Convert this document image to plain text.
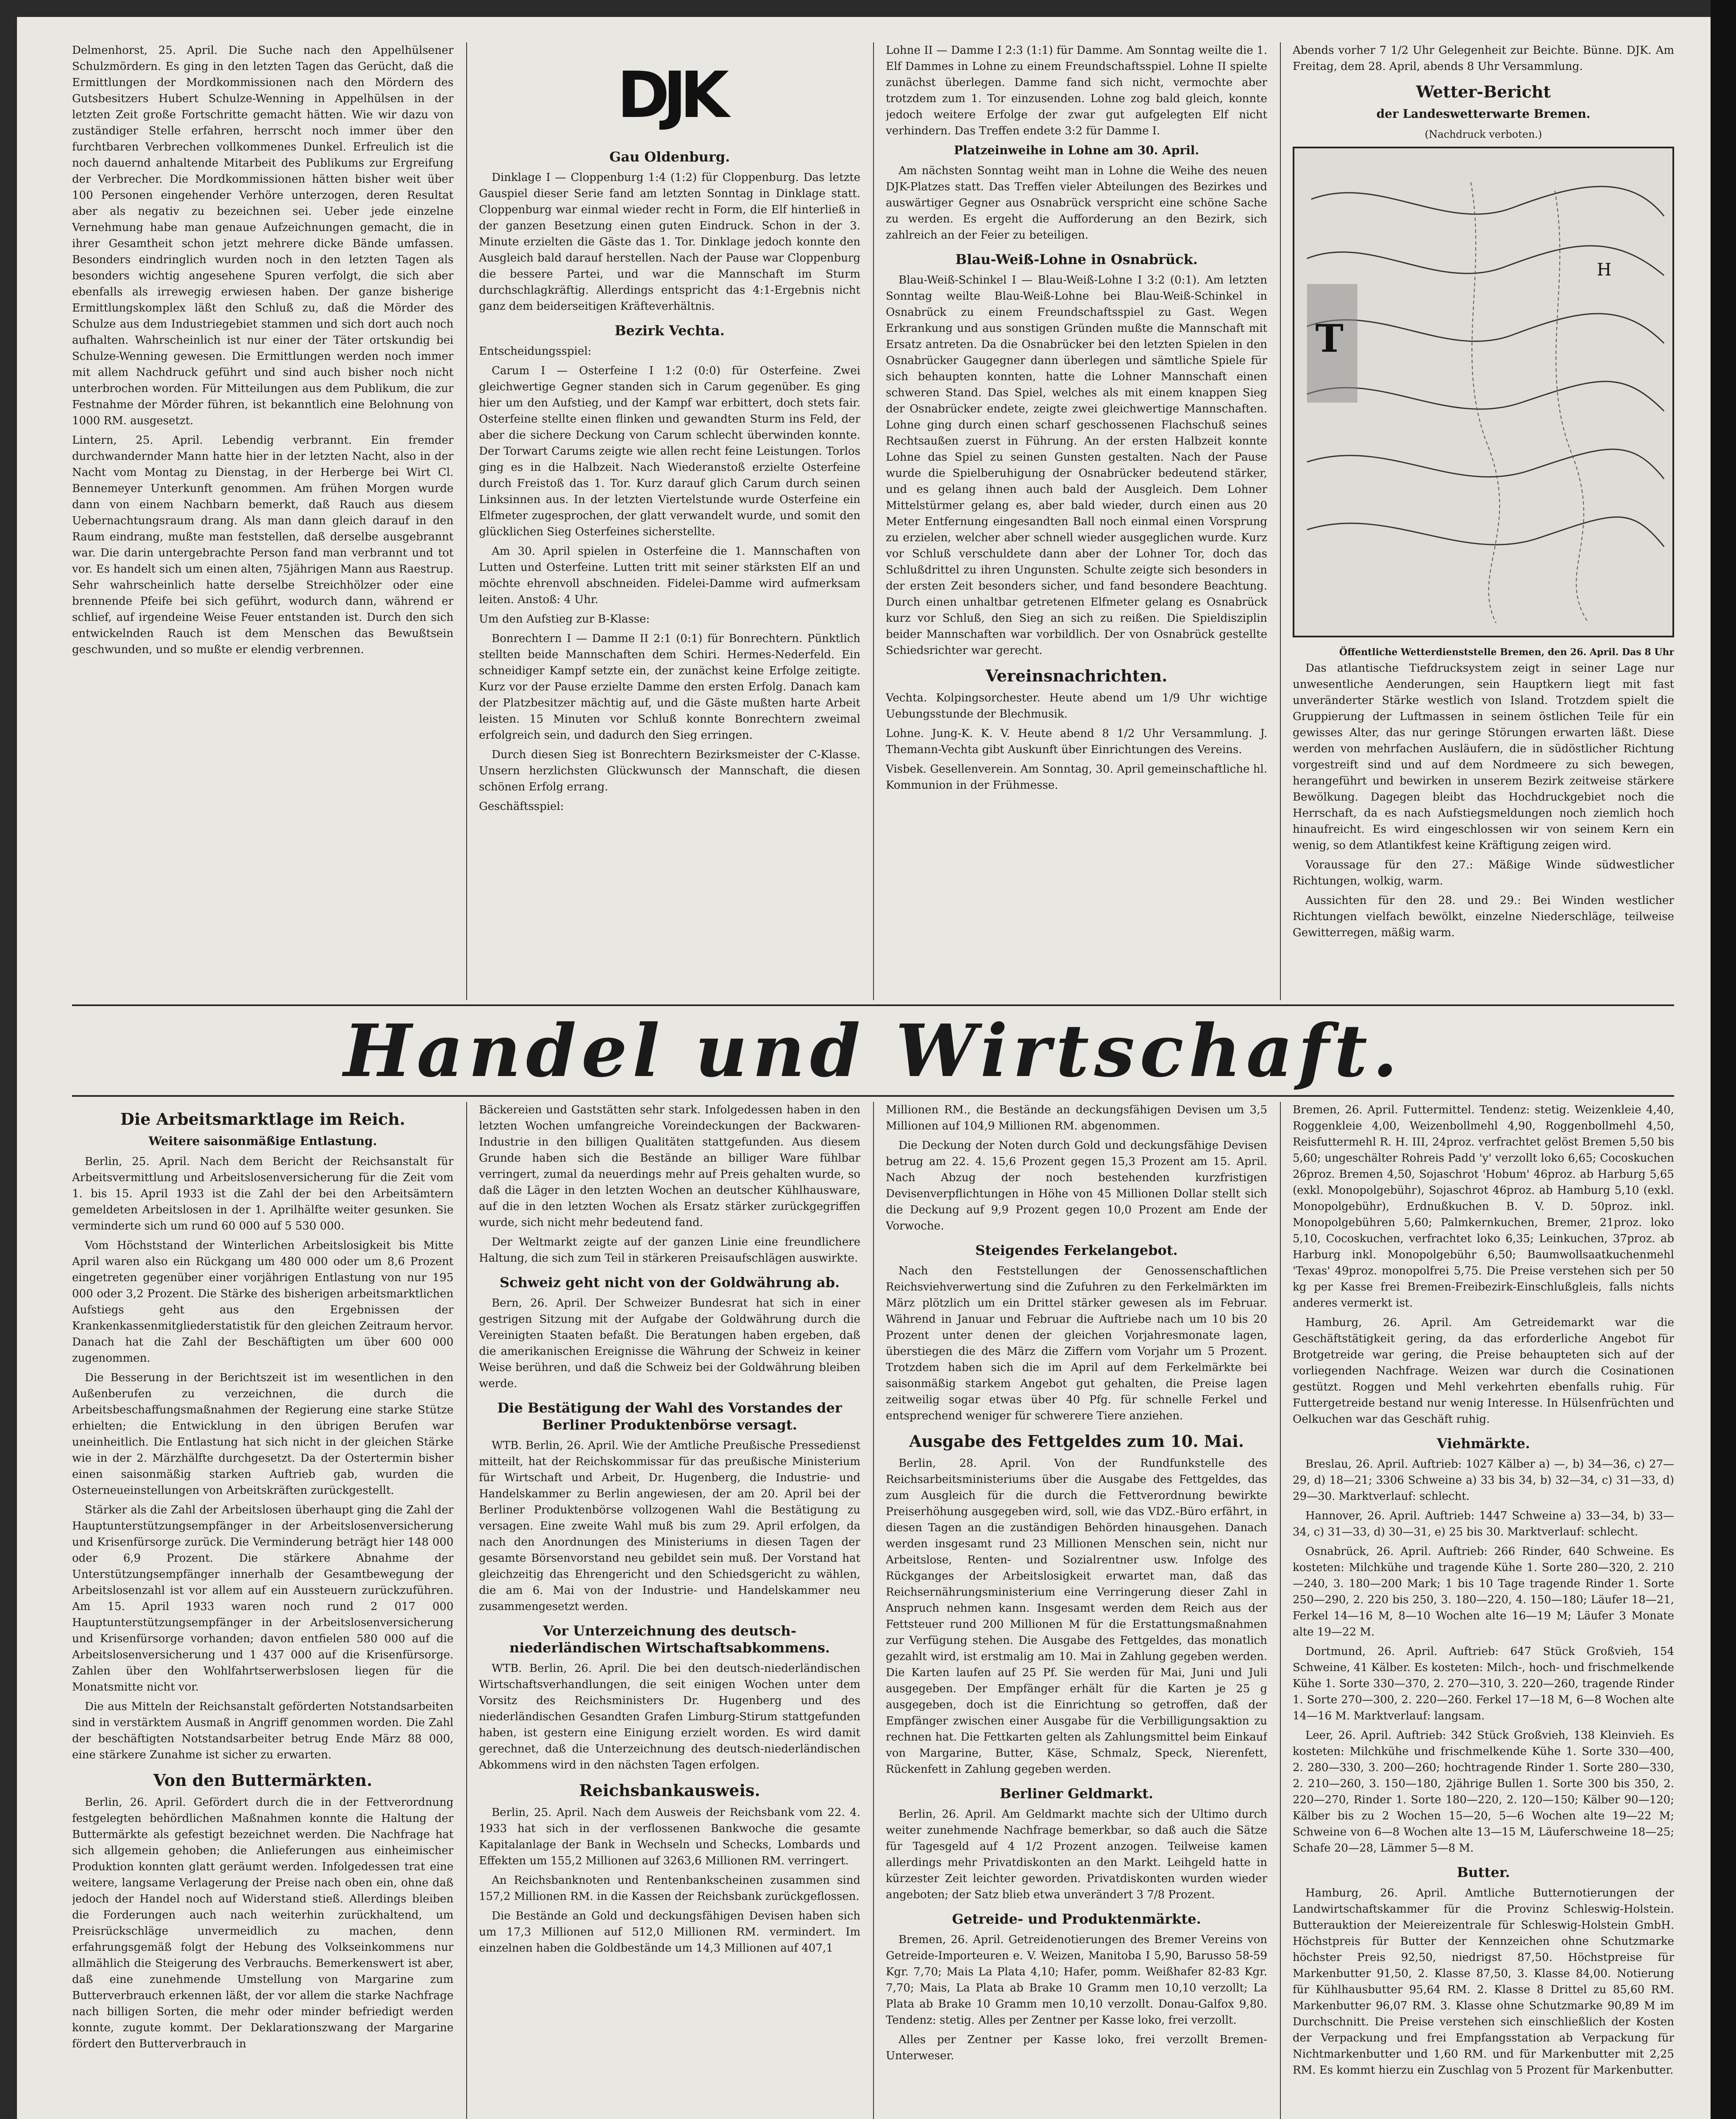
Delmenhorst, 25. April. Die Suche nach den Appelhülsener Schulzmördern. Es ging in den letzten Tagen das Gerücht, daß die Ermittlungen der Mordkommissionen nach den Mördern des Gutsbesitzers Hubert Schulze-Wenning in Appelhülsen in der letzten Zeit große Fortschritte gemacht hätten. Wie wir dazu von zuständiger Stelle erfahren, herrscht noch immer über den furchtbaren Verbrechen vollkommenes Dunkel. Erfreulich ist die noch dauernd anhaltende Mitarbeit des Publikums zur Ergreifung der Verbrecher. Die Mordkommissionen hätten bisher weit über 100 Personen eingehender Verhöre unterzogen, deren Resultat aber als negativ zu bezeichnen sei. Ueber jede einzelne Vernehmung habe man genaue Aufzeichnungen gemacht, die in ihrer Gesamtheit schon jetzt mehrere dicke Bände umfassen. Besonders eindringlich wurden noch in den letzten Tagen als besonders wichtig angesehene Spuren verfolgt, die sich aber ebenfalls als irrewegig erwiesen haben. Der ganze bisherige Ermittlungskomplex läßt den Schluß zu, daß die Mörder des Schulze aus dem Industriegebiet stammen und sich dort auch noch aufhalten. Wahrscheinlich ist nur einer der Täter ortskundig bei Schulze-Wenning gewesen. Die Ermittlungen werden noch immer mit allem Nachdruck geführt und sind auch bisher noch nicht unterbrochen worden. Für Mitteilungen aus dem Publikum, die zur Festnahme der Mörder führen, ist bekanntlich eine Belohnung von 1000 RM. ausgesetzt.

Lintern, 25. April. Lebendig verbrannt. Ein fremder durchwandernder Mann hatte hier in der letzten Nacht, also in der Nacht vom Montag zu Dienstag, in der Herberge bei Wirt Cl. Bennemeyer Unterkunft genommen. Am frühen Morgen wurde dann von einem Nachbarn bemerkt, daß Rauch aus diesem Uebernachtungsraum drang. Als man dann gleich darauf in den Raum eindrang, mußte man feststellen, daß derselbe ausgebrannt war. Die darin untergebrachte Person fand man verbrannt und tot vor. Es handelt sich um einen alten, 75jährigen Mann aus Raestrup. Sehr wahrscheinlich hatte derselbe Streichhölzer oder eine brennende Pfeife bei sich geführt, wodurch dann, während er schlief, auf irgendeine Weise Feuer entstanden ist. Durch den sich entwickelnden Rauch ist dem Menschen das Bewußtsein geschwunden, und so mußte er elendig verbrennen.

DJK
Gau Oldenburg.

Dinklage I — Cloppenburg 1:4 (1:2) für Cloppenburg. Das letzte Gauspiel dieser Serie fand am letzten Sonntag in Dinklage statt. Cloppenburg war einmal wieder recht in Form, die Elf hinterließ in der ganzen Besetzung einen guten Eindruck. Schon in der 3. Minute erzielten die Gäste das 1. Tor. Dinklage jedoch konnte den Ausgleich bald darauf herstellen. Nach der Pause war Cloppenburg die bessere Partei, und war die Mannschaft im Sturm durchschlagkräftig. Allerdings entspricht das 4:1-Ergebnis nicht ganz dem beiderseitigen Kräfteverhältnis.

Bezirk Vechta.

Entscheidungsspiel:

Carum I — Osterfeine I 1:2 (0:0) für Osterfeine. Zwei gleichwertige Gegner standen sich in Carum gegenüber. Es ging hier um den Aufstieg, und der Kampf war erbittert, doch stets fair. Osterfeine stellte einen flinken und gewandten Sturm ins Feld, der aber die sichere Deckung von Carum schlecht überwinden konnte. Der Torwart Carums zeigte wie allen recht feine Leistungen. Torlos ging es in die Halbzeit. Nach Wiederanstoß erzielte Osterfeine durch Freistoß das 1. Tor. Kurz darauf glich Carum durch seinen Linksinnen aus. In der letzten Viertelstunde wurde Osterfeine ein Elfmeter zugesprochen, der glatt verwandelt wurde, und somit den glücklichen Sieg Osterfeines sicherstellte.

Am 30. April spielen in Osterfeine die 1. Mannschaften von Lutten und Osterfeine. Lutten tritt mit seiner stärksten Elf an und möchte ehrenvoll abschneiden. Fidelei-Damme wird aufmerksam leiten. Anstoß: 4 Uhr.

Um den Aufstieg zur B-Klasse:

Bonrechtern I — Damme II 2:1 (0:1) für Bonrechtern. Pünktlich stellten beide Mannschaften dem Schiri. Hermes-Nederfeld. Ein schneidiger Kampf setzte ein, der zunächst keine Erfolge zeitigte. Kurz vor der Pause erzielte Damme den ersten Erfolg. Danach kam der Platzbesitzer mächtig auf, und die Gäste mußten harte Arbeit leisten. 15 Minuten vor Schluß konnte Bonrechtern zweimal erfolgreich sein, und dadurch den Sieg erringen.

Durch diesen Sieg ist Bonrechtern Bezirksmeister der C-Klasse. Unsern herzlichsten Glückwunsch der Mannschaft, die diesen schönen Erfolg errang.

Geschäftsspiel:

Lohne II — Damme I 2:3 (1:1) für Damme. Am Sonntag weilte die 1. Elf Dammes in Lohne zu einem Freundschaftsspiel. Lohne II spielte zunächst überlegen. Damme fand sich nicht, vermochte aber trotzdem zum 1. Tor einzusenden. Lohne zog bald gleich, konnte jedoch weitere Erfolge der zwar gut aufgelegten Elf nicht verhindern. Das Treffen endete 3:2 für Damme I.

Platzeinweihe in Lohne am 30. April.

Am nächsten Sonntag weiht man in Lohne die Weihe des neuen DJK-Platzes statt. Das Treffen vieler Abteilungen des Bezirkes und auswärtiger Gegner aus Osnabrück verspricht eine schöne Sache zu werden. Es ergeht die Aufforderung an den Bezirk, sich zahlreich an der Feier zu beteiligen.

Blau-Weiß-Lohne in Osnabrück.

Blau-Weiß-Schinkel I — Blau-Weiß-Lohne I 3:2 (0:1). Am letzten Sonntag weilte Blau-Weiß-Lohne bei Blau-Weiß-Schinkel in Osnabrück zu einem Freundschaftsspiel zu Gast. Wegen Erkrankung und aus sonstigen Gründen mußte die Mannschaft mit Ersatz antreten. Da die Osnabrücker bei den letzten Spielen in den Osnabrücker Gaugegner dann überlegen und sämtliche Spiele für sich behaupten konnten, hatte die Lohner Mannschaft einen schweren Stand. Das Spiel, welches als mit einem knappen Sieg der Osnabrücker endete, zeigte zwei gleichwertige Mannschaften. Lohne ging durch einen scharf geschossenen Flachschuß seines Rechtsaußen zuerst in Führung. An der ersten Halbzeit konnte Lohne das Spiel zu seinen Gunsten gestalten. Nach der Pause wurde die Spielberuhigung der Osnabrücker bedeutend stärker, und es gelang ihnen auch bald der Ausgleich. Dem Lohner Mittelstürmer gelang es, aber bald wieder, durch einen aus 20 Meter Entfernung eingesandten Ball noch einmal einen Vorsprung zu erzielen, welcher aber schnell wieder ausgeglichen wurde. Kurz vor Schluß verschuldete dann aber der Lohner Tor, doch das Schlußdrittel zu ihren Ungunsten. Schulte zeigte sich besonders in der ersten Zeit besonders sicher, und fand besondere Beachtung. Durch einen unhaltbar getretenen Elfmeter gelang es Osnabrück kurz vor Schluß, den Sieg an sich zu reißen. Die Spieldisziplin beider Mannschaften war vorbildlich. Der von Osnabrück gestellte Schiedsrichter war gerecht.

Vereinsnachrichten.

Vechta. Kolpingsorchester. Heute abend um 1/9 Uhr wichtige Uebungsstunde der Blechmusik.

Lohne. Jung-K. K. V. Heute abend 8 1/2 Uhr Versammlung. J. Themann-Vechta gibt Auskunft über Einrichtungen des Vereins.

Visbek. Gesellenverein. Am Sonntag, 30. April gemeinschaftliche hl. Kommunion in der Frühmesse.

Abends vorher 7 1/2 Uhr Gelegenheit zur Beichte. Bünne. DJK. Am Freitag, dem 28. April, abends 8 Uhr Versammlung.

Wetter-Bericht
der Landeswetterwarte Bremen.
(Nachdruck verboten.)
T
H
Öffentliche Wetterdienststelle Bremen, den 26. April. Das 8 Uhr

Das atlantische Tiefdrucksystem zeigt in seiner Lage nur unwesentliche Aenderungen, sein Hauptkern liegt mit fast unveränderter Stärke westlich von Island. Trotzdem spielt die Gruppierung der Luftmassen in seinem östlichen Teile für ein gewisses Alter, das nur geringe Störungen erwarten läßt. Diese werden von mehrfachen Ausläufern, die in südöstlicher Richtung vorgestreift sind und auf dem Nordmeere zu sich bewegen, herangeführt und bewirken in unserem Bezirk zeitweise stärkere Bewölkung. Dagegen bleibt das Hochdruckgebiet noch die Herrschaft, da es nach Aufstiegsmeldungen noch ziemlich hoch hinaufreicht. Es wird eingeschlossen wir von seinem Kern ein wenig, so dem Atlantikfest keine Kräftigung zeigen wird.

Voraussage für den 27.: Mäßige Winde südwestlicher Richtungen, wolkig, warm.

Aussichten für den 28. und 29.: Bei Winden westlicher Richtungen vielfach bewölkt, einzelne Niederschläge, teilweise Gewitterregen, mäßig warm.

Handel und Wirtschaft.
Die Arbeitsmarktlage im Reich.
Weitere saisonmäßige Entlastung.

Berlin, 25. April. Nach dem Bericht der Reichsanstalt für Arbeitsvermittlung und Arbeitslosenversicherung für die Zeit vom 1. bis 15. April 1933 ist die Zahl der bei den Arbeitsämtern gemeldeten Arbeitslosen in der 1. Aprilhälfte weiter gesunken. Sie verminderte sich um rund 60 000 auf 5 530 000.

Vom Höchststand der Winterlichen Arbeitslosigkeit bis Mitte April waren also ein Rückgang um 480 000 oder um 8,6 Prozent eingetreten gegenüber einer vorjährigen Entlastung von nur 195 000 oder 3,2 Prozent. Die Stärke des bisherigen arbeitsmarktlichen Aufstiegs geht aus den Ergebnissen der Krankenkassenmitgliederstatistik für den gleichen Zeitraum hervor. Danach hat die Zahl der Beschäftigten um über 600 000 zugenommen.

Die Besserung in der Berichtszeit ist im wesentlichen in den Außenberufen zu verzeichnen, die durch die Arbeitsbeschaffungsmaßnahmen der Regierung eine starke Stütze erhielten; die Entwicklung in den übrigen Berufen war uneinheitlich. Die Entlastung hat sich nicht in der gleichen Stärke wie in der 2. Märzhälfte durchgesetzt. Da der Ostertermin bisher einen saisonmäßig starken Auftrieb gab, wurden die Osterneueinstellungen von Arbeitskräften zurückgestellt.

Stärker als die Zahl der Arbeitslosen überhaupt ging die Zahl der Hauptunterstützungsempfänger in der Arbeitslosenversicherung und Krisenfürsorge zurück. Die Verminderung beträgt hier 148 000 oder 6,9 Prozent. Die stärkere Abnahme der Unterstützungsempfänger innerhalb der Gesamtbewegung der Arbeitslosenzahl ist vor allem auf ein Aussteuern zurückzuführen. Am 15. April 1933 waren noch rund 2 017 000 Hauptunterstützungsempfänger in der Arbeitslosenversicherung und Krisenfürsorge vorhanden; davon entfielen 580 000 auf die Arbeitslosenversicherung und 1 437 000 auf die Krisenfürsorge. Zahlen über den Wohlfahrtserwerbslosen liegen für die Monatsmitte nicht vor.

Die aus Mitteln der Reichsanstalt geförderten Notstandsarbeiten sind in verstärktem Ausmaß in Angriff genommen worden. Die Zahl der beschäftigten Notstandsarbeiter betrug Ende März 88 000, eine stärkere Zunahme ist sicher zu erwarten.

Von den Buttermärkten.

Berlin, 26. April. Gefördert durch die in der Fettverordnung festgelegten behördlichen Maßnahmen konnte die Haltung der Buttermärkte als gefestigt bezeichnet werden. Die Nachfrage hat sich allgemein gehoben; die Anlieferungen aus einheimischer Produktion konnten glatt geräumt werden. Infolgedessen trat eine weitere, langsame Verlagerung der Preise nach oben ein, ohne daß jedoch der Handel noch auf Widerstand stieß. Allerdings bleiben die Forderungen auch nach weiterhin zurückhaltend, um Preisrückschläge unvermeidlich zu machen, denn erfahrungsgemäß folgt der Hebung des Volkseinkommens nur allmählich die Steigerung des Verbrauchs. Bemerkenswert ist aber, daß eine zunehmende Umstellung von Margarine zum Butterverbrauch erkennen läßt, der vor allem die starke Nachfrage nach billigen Sorten, die mehr oder minder befriedigt werden konnte, zugute kommt. Der Deklarationszwang der Margarine fördert den Butterverbrauch in

Bäckereien und Gaststätten sehr stark. Infolgedessen haben in den letzten Wochen umfangreiche Voreindeckungen der Backwaren-Industrie in den billigen Qualitäten stattgefunden. Aus diesem Grunde haben sich die Bestände an billiger Ware fühlbar verringert, zumal da neuerdings mehr auf Preis gehalten wurde, so daß die Läger in den letzten Wochen an deutscher Kühlhausware, auf die in den letzten Wochen als Ersatz stärker zurückgegriffen wurde, sich nicht mehr bedeutend fand.

Der Weltmarkt zeigte auf der ganzen Linie eine freundlichere Haltung, die sich zum Teil in stärkeren Preisaufschlägen auswirkte.

Schweiz geht nicht von der Goldwährung ab.

Bern, 26. April. Der Schweizer Bundesrat hat sich in einer gestrigen Sitzung mit der Aufgabe der Goldwährung durch die Vereinigten Staaten befaßt. Die Beratungen haben ergeben, daß die amerikanischen Ereignisse die Währung der Schweiz in keiner Weise berühren, und daß die Schweiz bei der Goldwährung bleiben werde.

Die Bestätigung der Wahl des Vorstandes der Berliner Produktenbörse versagt.

WTB. Berlin, 26. April. Wie der Amtliche Preußische Pressedienst mitteilt, hat der Reichskommissar für das preußische Ministerium für Wirtschaft und Arbeit, Dr. Hugenberg, die Industrie- und Handelskammer zu Berlin angewiesen, der am 20. April bei der Berliner Produktenbörse vollzogenen Wahl die Bestätigung zu versagen. Eine zweite Wahl muß bis zum 29. April erfolgen, da nach den Anordnungen des Ministeriums in diesen Tagen der gesamte Börsenvorstand neu gebildet sein muß. Der Vorstand hat gleichzeitig das Ehrengericht und den Schiedsgericht zu wählen, die am 6. Mai von der Industrie- und Handelskammer neu zusammengesetzt werden.

Vor Unterzeichnung des deutsch-niederländischen Wirtschaftsabkommens.

WTB. Berlin, 26. April. Die bei den deutsch-niederländischen Wirtschaftsverhandlungen, die seit einigen Wochen unter dem Vorsitz des Reichsministers Dr. Hugenberg und des niederländischen Gesandten Grafen Limburg-Stirum stattgefunden haben, ist gestern eine Einigung erzielt worden. Es wird damit gerechnet, daß die Unterzeichnung des deutsch-niederländischen Abkommens wird in den nächsten Tagen erfolgen.

Reichsbankausweis.

Berlin, 25. April. Nach dem Ausweis der Reichsbank vom 22. 4. 1933 hat sich in der verflossenen Bankwoche die gesamte Kapitalanlage der Bank in Wechseln und Schecks, Lombards und Effekten um 155,2 Millionen auf 3263,6 Millionen RM. verringert.

An Reichsbanknoten und Rentenbankscheinen zusammen sind 157,2 Millionen RM. in die Kassen der Reichsbank zurückgeflossen.

Die Bestände an Gold und deckungsfähigen Devisen haben sich um 17,3 Millionen auf 512,0 Millionen RM. vermindert. Im einzelnen haben die Goldbestände um 14,3 Millionen auf 407,1

Millionen RM., die Bestände an deckungsfähigen Devisen um 3,5 Millionen auf 104,9 Millionen RM. abgenommen.

Die Deckung der Noten durch Gold und deckungsfähige Devisen betrug am 22. 4. 15,6 Prozent gegen 15,3 Prozent am 15. April. Nach Abzug der noch bestehenden kurzfristigen Devisenverpflichtungen in Höhe von 45 Millionen Dollar stellt sich die Deckung auf 9,9 Prozent gegen 10,0 Prozent am Ende der Vorwoche.

Steigendes Ferkelangebot.

Nach den Feststellungen der Genossenschaftlichen Reichsviehverwertung sind die Zufuhren zu den Ferkelmärkten im März plötzlich um ein Drittel stärker gewesen als im Februar. Während in Januar und Februar die Auftriebe nach um 10 bis 20 Prozent unter denen der gleichen Vorjahresmonate lagen, überstiegen die des März die Ziffern vom Vorjahr um 5 Prozent. Trotzdem haben sich die im April auf dem Ferkelmärkte bei saisonmäßig starkem Angebot gut gehalten, die Preise lagen zeitweilig sogar etwas über 40 Pfg. für schnelle Ferkel und entsprechend weniger für schwerere Tiere anziehen.

Ausgabe des Fettgeldes zum 10. Mai.

Berlin, 28. April. Von der Rundfunkstelle des Reichsarbeitsministeriums über die Ausgabe des Fettgeldes, das zum Ausgleich für die durch die Fettverordnung bewirkte Preiserhöhung ausgegeben wird, soll, wie das VDZ.-Büro erfährt, in diesen Tagen an die zuständigen Behörden hinausgehen. Danach werden insgesamt rund 23 Millionen Menschen sein, nicht nur Arbeitslose, Renten- und Sozialrentner usw. Infolge des Rückganges der Arbeitslosigkeit erwartet man, daß das Reichsernährungsministerium eine Verringerung dieser Zahl in Anspruch nehmen kann. Insgesamt werden dem Reich aus der Fettsteuer rund 200 Millionen M für die Erstattungsmaßnahmen zur Verfügung stehen. Die Ausgabe des Fettgeldes, das monatlich gezahlt wird, ist erstmalig am 10. Mai in Zahlung gegeben werden. Die Karten laufen auf 25 Pf. Sie werden für Mai, Juni und Juli ausgegeben. Der Empfänger erhält für die Karten je 25 g ausgegeben, doch ist die Einrichtung so getroffen, daß der Empfänger zwischen einer Ausgabe für die Verbilligungsaktion zu rechnen hat. Die Fettkarten gelten als Zahlungsmittel beim Einkauf von Margarine, Butter, Käse, Schmalz, Speck, Nierenfett, Rückenfett in Zahlung gegeben werden.

Berliner Geldmarkt.

Berlin, 26. April. Am Geldmarkt machte sich der Ultimo durch weiter zunehmende Nachfrage bemerkbar, so daß auch die Sätze für Tagesgeld auf 4 1/2 Prozent anzogen. Teilweise kamen allerdings mehr Privatdiskonten an den Markt. Leihgeld hatte in kürzester Zeit leichter geworden. Privatdiskonten wurden wieder angeboten; der Satz blieb etwa unverändert 3 7/8 Prozent.

Getreide- und Produktenmärkte.

Bremen, 26. April. Getreidenotierungen des Bremer Vereins von Getreide-Importeuren e. V. Weizen, Manitoba I 5,90, Barusso 58-59 Kgr. 7,70; Mais La Plata 4,10; Hafer, pomm. Weißhafer 82-83 Kgr. 7,70; Mais, La Plata ab Brake 10 Gramm men 10,10 verzollt; La Plata ab Brake 10 Gramm men 10,10 verzollt. Donau-Galfox 9,80. Tendenz: stetig. Alles per Zentner per Kasse loko, frei verzollt.

Alles per Zentner per Kasse loko, frei verzollt Bremen-Unterweser.

Bremen, 26. April. Futtermittel. Tendenz: stetig. Weizenkleie 4,40, Roggenkleie 4,00, Weizenbollmehl 4,90, Roggenbollmehl 4,50, Reisfuttermehl R. H. III, 24proz. verfrachtet gelöst Bremen 5,50 bis 5,60; ungeschälter Rohreis Padd 'y' verzollt loko 6,65; Cocoskuchen 26proz. Bremen 4,50, Sojaschrot 'Hobum' 46proz. ab Harburg 5,65 (exkl. Monopolgebühr), Sojaschrot 46proz. ab Hamburg 5,10 (exkl. Monopolgebühr), Erdnußkuchen B. V. D. 50proz. inkl. Monopolgebühren 5,60; Palmkernkuchen, Bremer, 21proz. loko 5,10, Cocoskuchen, verfrachtet loko 6,35; Leinkuchen, 37proz. ab Harburg inkl. Monopolgebühr 6,50; Baumwollsaatkuchenmehl 'Texas' 49proz. monopolfrei 5,75. Die Preise verstehen sich per 50 kg per Kasse frei Bremen-Freibezirk-Einschlußgleis, falls nichts anderes vermerkt ist.

Hamburg, 26. April. Am Getreidemarkt war die Geschäftstätigkeit gering, da das erforderliche Angebot für Brotgetreide war gering, die Preise behaupteten sich auf der vorliegenden Nachfrage. Weizen war durch die Cosinationen gestützt. Roggen und Mehl verkehrten ebenfalls ruhig. Für Futtergetreide bestand nur wenig Interesse. In Hülsenfrüchten und Oelkuchen war das Geschäft ruhig.

Viehmärkte.

Breslau, 26. April. Auftrieb: 1027 Kälber a) —, b) 34—36, c) 27—29, d) 18—21; 3306 Schweine a) 33 bis 34, b) 32—34, c) 31—33, d) 29—30. Marktverlauf: schlecht.

Hannover, 26. April. Auftrieb: 1447 Schweine a) 33—34, b) 33—34, c) 31—33, d) 30—31, e) 25 bis 30. Marktverlauf: schlecht.

Osnabrück, 26. April. Auftrieb: 266 Rinder, 640 Schweine. Es kosteten: Milchkühe und tragende Kühe 1. Sorte 280—320, 2. 210—240, 3. 180—200 Mark; 1 bis 10 Tage tragende Rinder 1. Sorte 250—290, 2. 220 bis 250, 3. 180—220, 4. 150—180; Läufer 18—21, Ferkel 14—16 M, 8—10 Wochen alte 16—19 M; Läufer 3 Monate alte 19—22 M.

Dortmund, 26. April. Auftrieb: 647 Stück Großvieh, 154 Schweine, 41 Kälber. Es kosteten: Milch-, hoch- und frischmelkende Kühe 1. Sorte 330—370, 2. 270—310, 3. 220—260, tragende Rinder 1. Sorte 270—300, 2. 220—260. Ferkel 17—18 M, 6—8 Wochen alte 14—16 M. Marktverlauf: langsam.

Leer, 26. April. Auftrieb: 342 Stück Großvieh, 138 Kleinvieh. Es kosteten: Milchkühe und frischmelkende Kühe 1. Sorte 330—400, 2. 280—330, 3. 200—260; hochtragende Rinder 1. Sorte 280—330, 2. 210—260, 3. 150—180, 2jährige Bullen 1. Sorte 300 bis 350, 2. 220—270, Rinder 1. Sorte 180—220, 2. 120—150; Kälber 90—120; Kälber bis zu 2 Wochen 15—20, 5—6 Wochen alte 19—22 M; Schweine von 6—8 Wochen alte 13—15 M, Läuferschweine 18—25; Schafe 20—28, Lämmer 5—8 M.

Butter.

Hamburg, 26. April. Amtliche Butternotierungen der Landwirtschaftskammer für die Provinz Schleswig-Holstein. Butterauktion der Meiereizentrale für Schleswig-Holstein GmbH. Höchstpreis für Butter der Kennzeichen ohne Schutzmarke höchster Preis 92,50, niedrigst 87,50. Höchstpreise für Markenbutter 91,50, 2. Klasse 87,50, 3. Klasse 84,00. Notierung für Kühlhausbutter 95,64 RM. 2. Klasse 8 Drittel zu 85,60 RM. Markenbutter 96,07 RM. 3. Klasse ohne Schutzmarke 90,89 M im Durchschnitt. Die Preise verstehen sich einschließlich der Kosten der Verpackung und frei Empfangsstation ab Verpackung für Nichtmarkenbutter und 1,60 RM. und für Markenbutter mit 2,25 RM. Es kommt hierzu ein Zuschlag von 5 Prozent für Markenbutter.
